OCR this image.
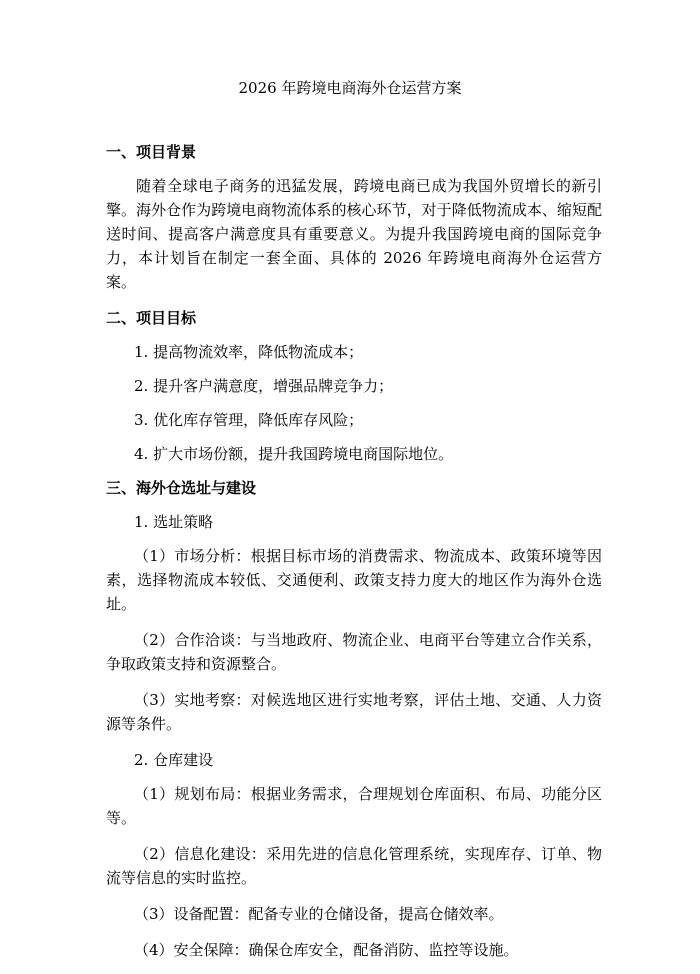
2026 年跨境电商海外仓运营方案
一、项目背景
随着全球电子商务的迅猛发展，跨境电商已成为我国外贸增长的新引擎。海外仓作为跨境电商物流体系的核心环节，对于降低物流成本、缩短配送时间、提高客户满意度具有重要意义。为提升我国跨境电商的国际竞争力，本计划旨在制定一套全面、具体的 2026 年跨境电商海外仓运营方案。
二、项目目标
1. 提高物流效率，降低物流成本；
2. 提升客户满意度，增强品牌竞争力；
3. 优化库存管理，降低库存风险；
4. 扩大市场份额，提升我国跨境电商国际地位。
三、海外仓选址与建设
1. 选址策略
（1）市场分析：根据目标市场的消费需求、物流成本、政策环境等因素，选择物流成本较低、交通便利、政策支持力度大的地区作为海外仓选址。
（2）合作洽谈：与当地政府、物流企业、电商平台等建立合作关系，争取政策支持和资源整合。
（3）实地考察：对候选地区进行实地考察，评估土地、交通、人力资源等条件。
2. 仓库建设
（1）规划布局：根据业务需求，合理规划仓库面积、布局、功能分区等。
（2）信息化建设：采用先进的信息化管理系统，实现库存、订单、物流等信息的实时监控。
（3）设备配置：配备专业的仓储设备，提高仓储效率。
（4）安全保障：确保仓库安全，配备消防、监控等设施。
